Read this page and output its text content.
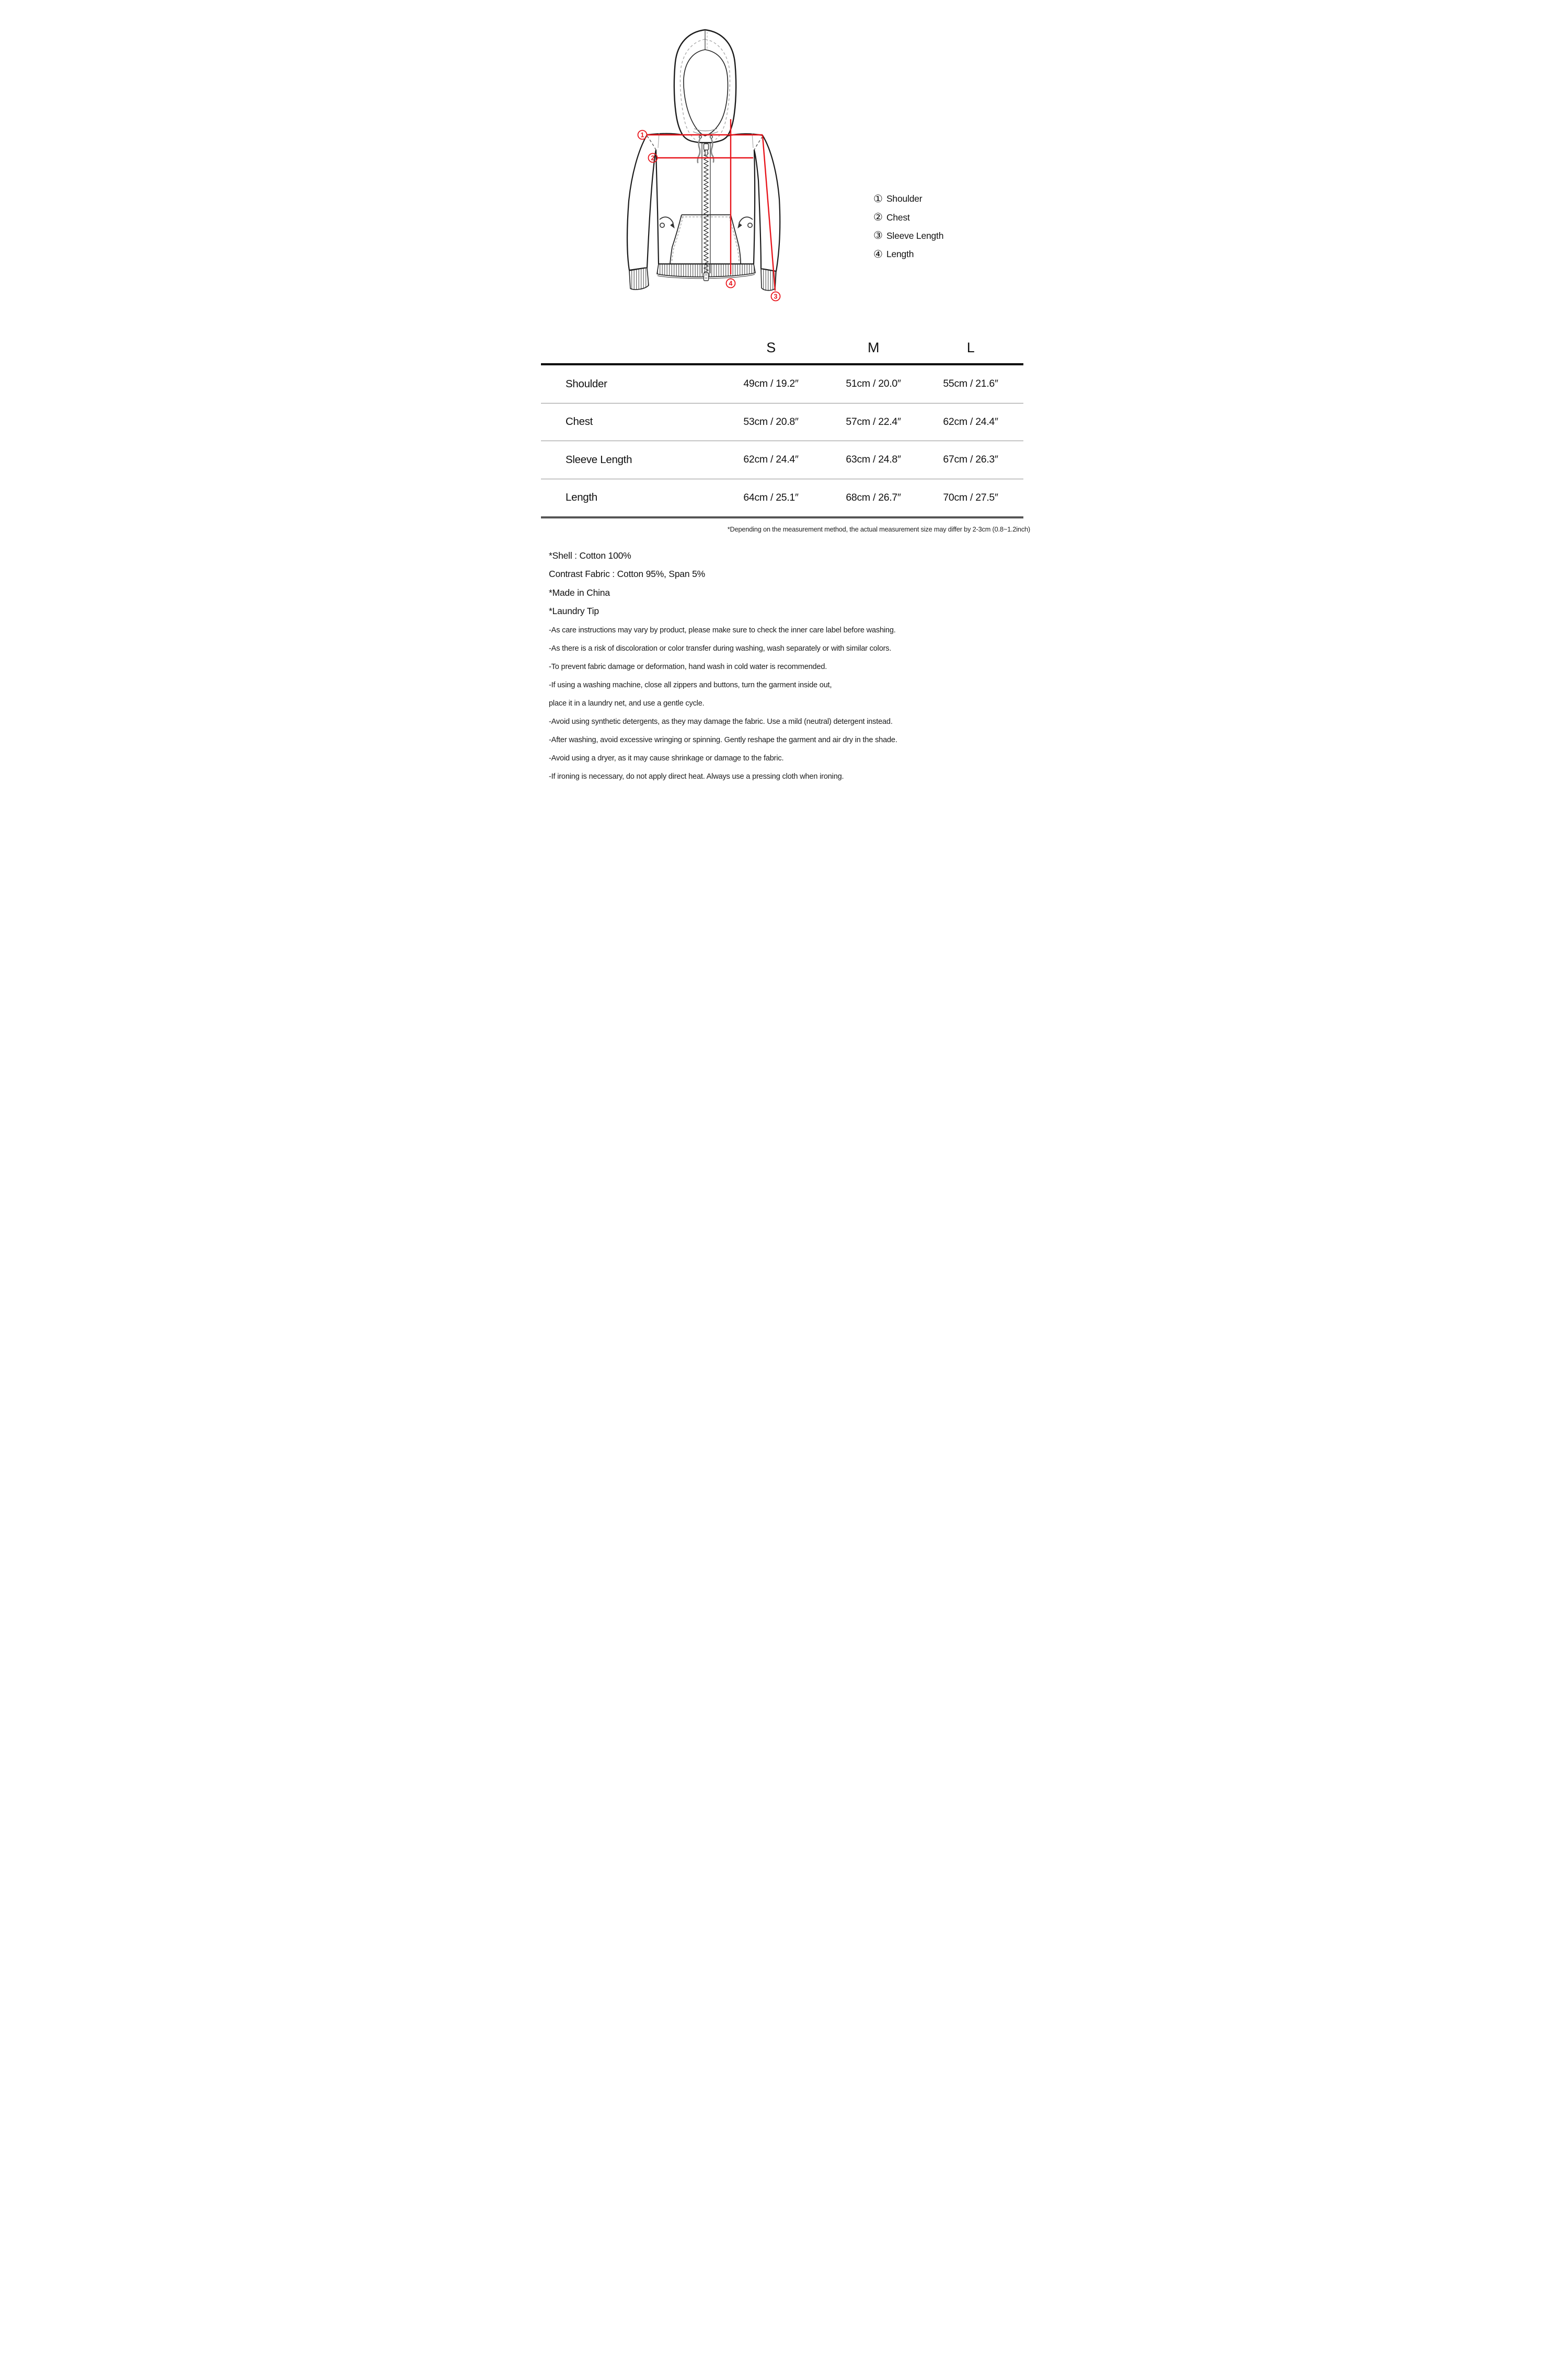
1
2
3
4
① Shoulder
② Chest
③ Sleeve Length
④ Length
S	M	L
Shoulder	49cm / 19.2″	51cm / 20.0″	55cm / 21.6″
Chest	53cm / 20.8″	57cm / 22.4″	62cm / 24.4″
Sleeve Length	62cm / 24.4″	63cm / 24.8″	67cm / 26.3″
Length	64cm / 25.1″	68cm / 26.7″	70cm / 27.5″
*Depending on the measurement method, the actual measurement size may differ by 2-3cm (0.8~1.2inch)

*Shell : Cotton 100%

Contrast Fabric : Cotton 95%, Span 5%

*Made in China

*Laundry Tip

-As care instructions may vary by product, please make sure to check the inner care label before washing.

-As there is a risk of discoloration or color transfer during washing, wash separately or with similar colors.

-To prevent fabric damage or deformation, hand wash in cold water is recommended.

-If using a washing machine, close all zippers and buttons, turn the garment inside out,

place it in a laundry net, and use a gentle cycle.

-Avoid using synthetic detergents, as they may damage the fabric. Use a mild (neutral) detergent instead.

-After washing, avoid excessive wringing or spinning. Gently reshape the garment and air dry in the shade.

-Avoid using a dryer, as it may cause shrinkage or damage to the fabric.

-If ironing is necessary, do not apply direct heat. Always use a pressing cloth when ironing.
